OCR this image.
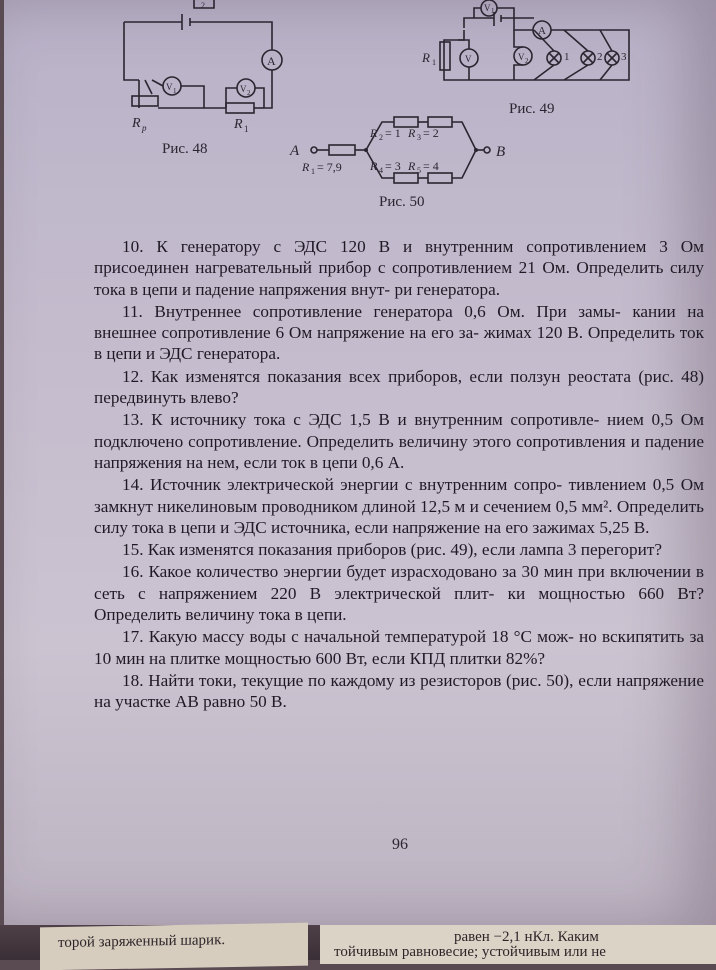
A
V 1	V 2
2
R p	R 1
Рис. 48
V 1
A
R 1	V	V 2	1	2 3
Рис. 49
A	B
R 1 = 7,9
R 2 = 1 R 3 = 2
R 4 = 3 R 5 = 4
Рис. 50
10. К генератору с ЭДС 120 В и внутренним сопротивлением 3 Ом присоединен нагревательный прибор с сопротивлением 21 Ом. Определить силу тока в цепи и падение напряжения внут- ри генератора.
11. Внутреннее сопротивление генератора 0,6 Ом. При замы- кании на внешнее сопротивление 6 Ом напряжение на его за- жимах 120 В. Определить ток в цепи и ЭДС генератора.
12. Как изменятся показания всех приборов, если ползун реостата (рис. 48) передвинуть влево?
13. К источнику тока с ЭДС 1,5 В и внутренним сопротивле- нием 0,5 Ом подключено сопротивление. Определить величину этого сопротивления и падение напряжения на нем, если ток в цепи 0,6 А.
14. Источник электрической энергии с внутренним сопро- тивлением 0,5 Ом замкнут никелиновым проводником длиной 12,5 м и сечением 0,5 мм². Определить силу тока в цепи и ЭДС источника, если напряжение на его зажимах 5,25 В.
15. Как изменятся показания приборов (рис. 49), если лампа 3 перегорит?
16. Какое количество энергии будет израсходовано за 30 мин при включении в сеть с напряжением 220 В электрической плит- ки мощностью 660 Вт? Определить величину тока в цепи.
17. Какую массу воды с начальной температурой 18 °С мож- но вскипятить за 10 мин на плитке мощностью 600 Вт, если КПД плитки 82%?
18. Найти токи, текущие по каждому из резисторов (рис. 50), если напряжение на участке AB равно 50 В.
96
торой заряженный шарик.	равен −2,1 нКл. Каким
тойчивым равновесие; устойчивым или не
